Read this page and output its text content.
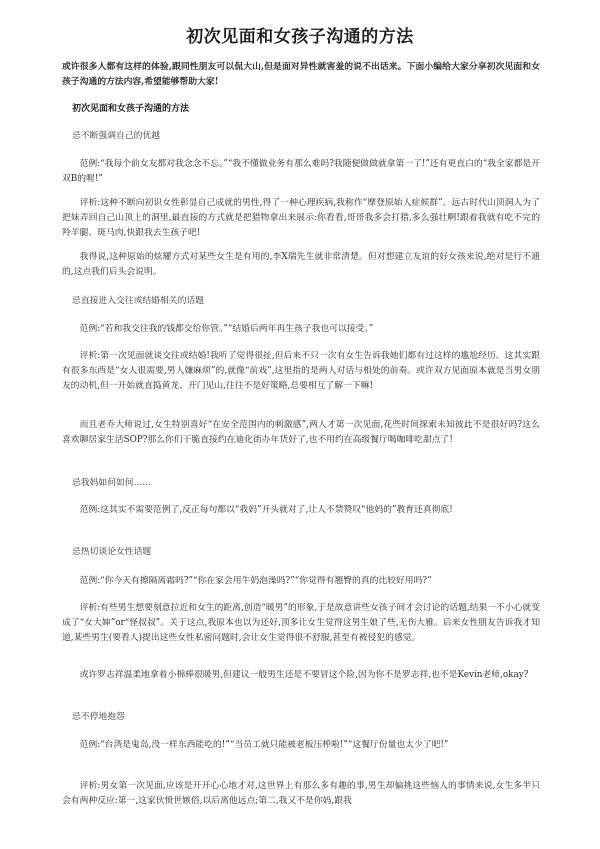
初次见面和女孩子沟通的方法

或许很多人都有这样的体验,跟同性朋友可以侃大山,但是面对异性就害羞的说不出话来。下面小编给大家分享初次见面和女孩子沟通的方法内容,希望能够帮助大家!

初次见面和女孩子沟通的方法
忌不断强调自己的优越

范例:“我每个前女友都对我念念不忘。”“我不懂做业务有那么难吗?我随便做做就拿第一了!”还有更直白的“我全家都是开双B的喔!”

评析:这种不断向初识女性彰显自己成就的男性,得了一种心理疾病,我称作“摩登原始人症候群”。远古时代山顶洞人为了把妹弄回自己山顶上的洞里,最直接的方式就是把猎物拿出来展示:你看看,哥哥我多会打猎,多么强壮啊!跟着我就有吃不完的羚羊腿、斑马肉,快跟我去生孩子吧!

我得说,这种原始的炫耀方式对某些女生是有用的,李X瑞先生就非常清楚。但对想建立友谊的好女孩来说,绝对是行不通的,这点我们后头会说明。

忌直接进入交往或结婚相关的话题

范例:“若和我交往我的钱都交给你管。”“结婚后两年再生孩子我也可以接受。”

评析:第一次见面就谈交往或结婚!我听了觉得很扯,但后来不只一次有女生告诉我她们都有过这样的尴尬经历。这其实跟有很多东西是“女人很需要,男人嫌麻烦”的,就像“前戏”,这里指的是两人对话与相处的前奏。或许双方见面原本就是当男女朋友的动机,但一开始就直捣黄龙、开门见山,往往不是好策略,总要相互了解一下嘛!

而且老乔大师说过,女生特别喜好“在安全范围内的刺激感”,两人才第一次见面,花些时间探索未知彼此不是很好吗?这么喜欢聊居家生活SOP?那么你们干脆直接约在迪化街办年货好了,也不用约在高级餐厅喝咖啡吃甜点了!

忌我妈如何如何……

范例:这其实不需要范例了,反正每句都以“我妈”开头就对了,让人不禁赞叹“他妈的”教育还真彻底!

忌热切谈论女性话题

范例:“你今天有擦隔离霜吗?”“你在家会用牛奶泡澡吗?”“你觉得有翘臀的真的比较好用吗?”

评析:有些男生想要刻意拉近和女生的距离,创造“暖男”的形象,于是故意讲些女孩子间才会讨论的话题,结果一不小心就变成了“女大婶”or“怪叔叔”。关于这点,我原本也以为还好,顶多让女生觉得这男生娘了些,无伤大雅。后来女性朋友告诉我才知道,某些男生(要看人)提出这些女性私密问题时,会让女生觉得很不舒服,甚至有被侵犯的感觉。

或许罗志祥温柔地拿着小棉棒很暖男,但建议一般男生还是不要冒这个险,因为你不是罗志祥,也不是Kevin老师,okay?

忌不停地抱怨

范例:“台湾是鬼岛,没一样东西能吃的!”“当员工就只能被老板压榨啦!”“这餐厅份量也太少了吧!”

评析:男女第一次见面,应该是开开心心地才对,这世界上有那么多有趣的事,男生却偏挑这些恼人的事情来说,女生多半只会有两种反应:第一,这家伙愤世嫉俗,以后离他远点;第二,我又不是你妈,跟我
